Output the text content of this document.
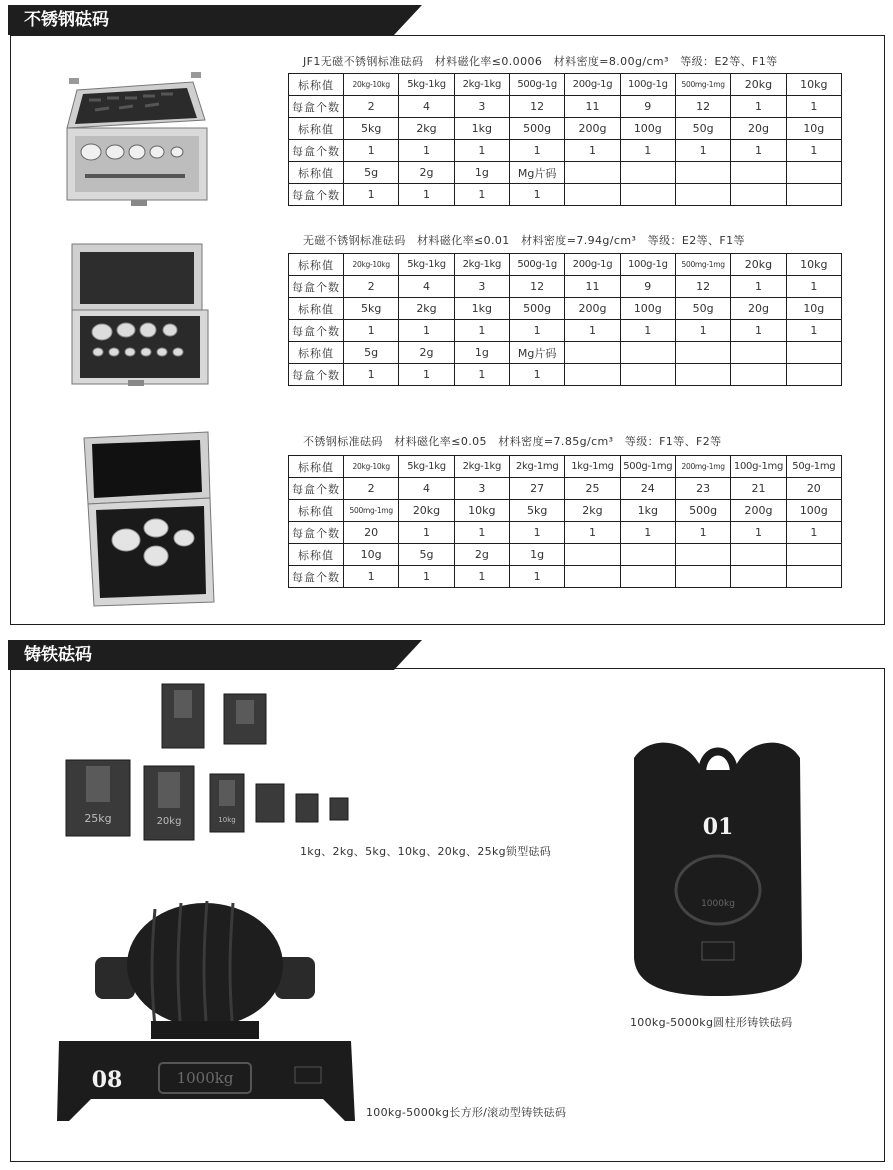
不锈钢砝码
JF1无磁不锈钢标准砝码　材料磁化率≤0.0006　材料密度=8.00g/cm³　等级：E2等、F1等
标称值	20kg-10kg	5kg-1kg	2kg-1kg	500g-1g	200g-1g	100g-1g	500mg-1mg	20kg	10kg
每盒个数	2	4	3	12	11	9	12	1	1
标称值	5kg	2kg	1kg	500g	200g	100g	50g	20g	10g
每盒个数	1	1	1	1	1	1	1	1	1
标称值	5g	2g	1g	Mg片码					
每盒个数	1	1	1	1					
无磁不锈钢标准砝码　材料磁化率≤0.01　材料密度=7.94g/cm³　等级：E2等、F1等
标称值	20kg-10kg	5kg-1kg	2kg-1kg	500g-1g	200g-1g	100g-1g	500mg-1mg	20kg	10kg
每盒个数	2	4	3	12	11	9	12	1	1
标称值	5kg	2kg	1kg	500g	200g	100g	50g	20g	10g
每盒个数	1	1	1	1	1	1	1	1	1
标称值	5g	2g	1g	Mg片码					
每盒个数	1	1	1	1					
不锈钢标准砝码　材料磁化率≤0.05　材料密度=7.85g/cm³　等级：F1等、F2等
标称值	20kg-10kg	5kg-1kg	2kg-1kg	2kg-1mg	1kg-1mg	500g-1mg	200mg-1mg	100g-1mg	50g-1mg
每盒个数	2	4	3	27	25	24	23	21	20
标称值	500mg-1mg	20kg	10kg	5kg	2kg	1kg	500g	200g	100g
每盒个数	20	1	1	1	1	1	1	1	1
标称值	10g	5g	2g	1g					
每盒个数	1	1	1	1					
铸铁砝码
25kg	20kg	10kg
1kg、2kg、5kg、10kg、20kg、25kg锁型砝码
01
1000kg
100kg-5000kg圆柱形铸铁砝码
08	1000kg
100kg-5000kg长方形/滚动型铸铁砝码
